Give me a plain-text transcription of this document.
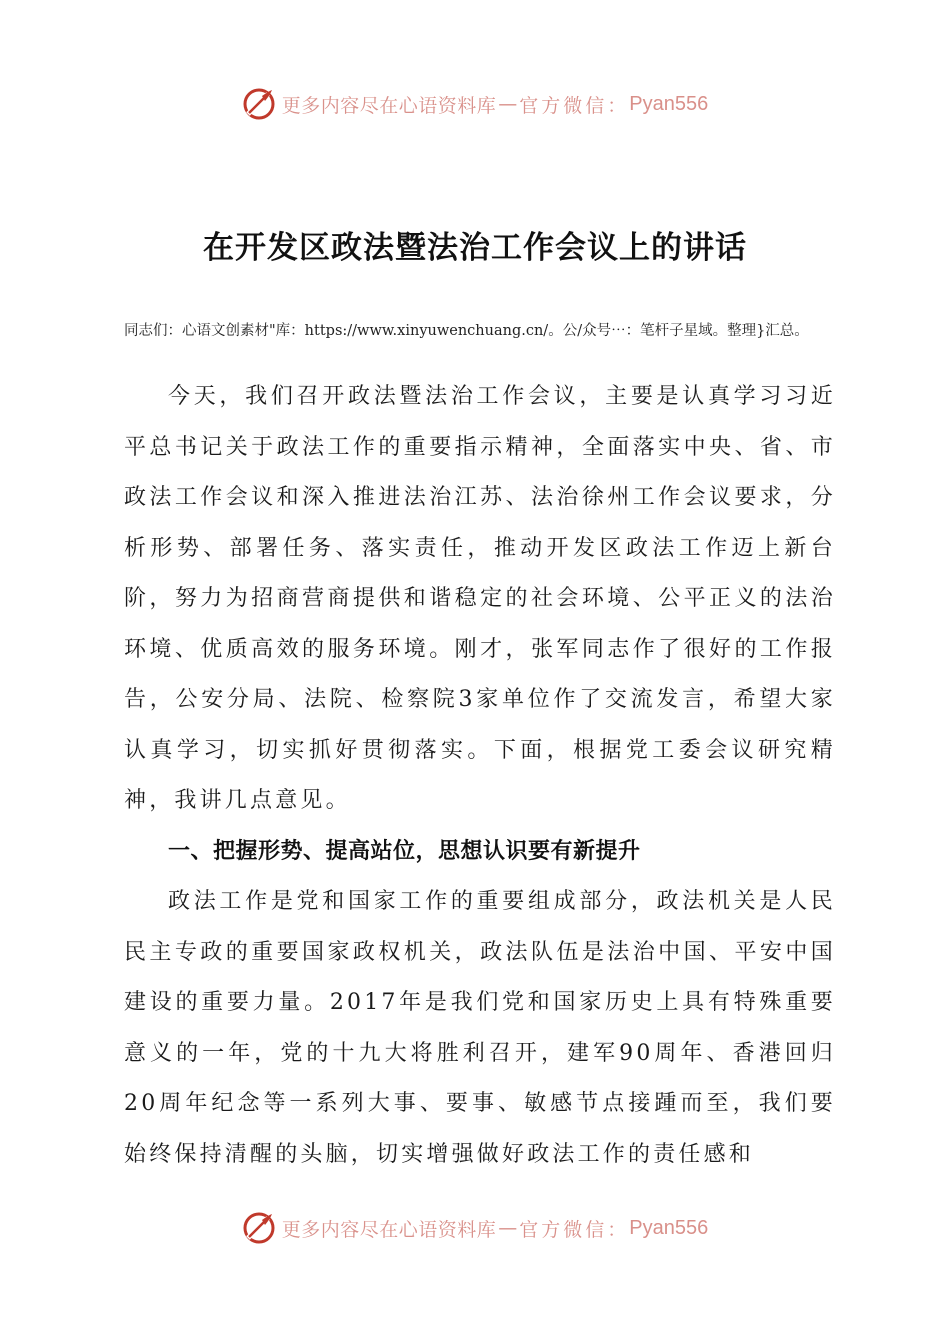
更多内容尽在心语资料库 — 官方微信： Pyan556
在开发区政法暨法治工作会议上的讲话

同志们：心语文创素材"库：https://www.xinyuwenchuang.cn/。公/众号⋯：笔杆子星域。整理}汇总。

今天，我们召开政法暨法治工作会议，主要是认真学习习近平总书记关于政法工作的重要指示精神，全面落实中央、省、市政法工作会议和深入推进法治江苏、法治徐州工作会议要求，分析形势、部署任务、落实责任，推动开发区政法工作迈上新台阶，努力为招商营商提供和谐稳定的社会环境、公平正义的法治环境、优质高效的服务环境。刚才，张军同志作了很好的工作报告，公安分局、法院、检察院3家单位作了交流发言，希望大家认真学习，切实抓好贯彻落实。下面，根据党工委会议研究精神，我讲几点意见。

一、把握形势、提高站位，思想认识要有新提升

政法工作是党和国家工作的重要组成部分，政法机关是人民民主专政的重要国家政权机关，政法队伍是法治中国、平安中国建设的重要力量。2017年是我们党和国家历史上具有特殊重要意义的一年，党的十九大将胜利召开，建军90周年、香港回归20周年纪念等一系列大事、要事、敏感节点接踵而至，我们要始终保持清醒的头脑，切实增强做好政法工作的责任感和

更多内容尽在心语资料库 — 官方微信： Pyan556
